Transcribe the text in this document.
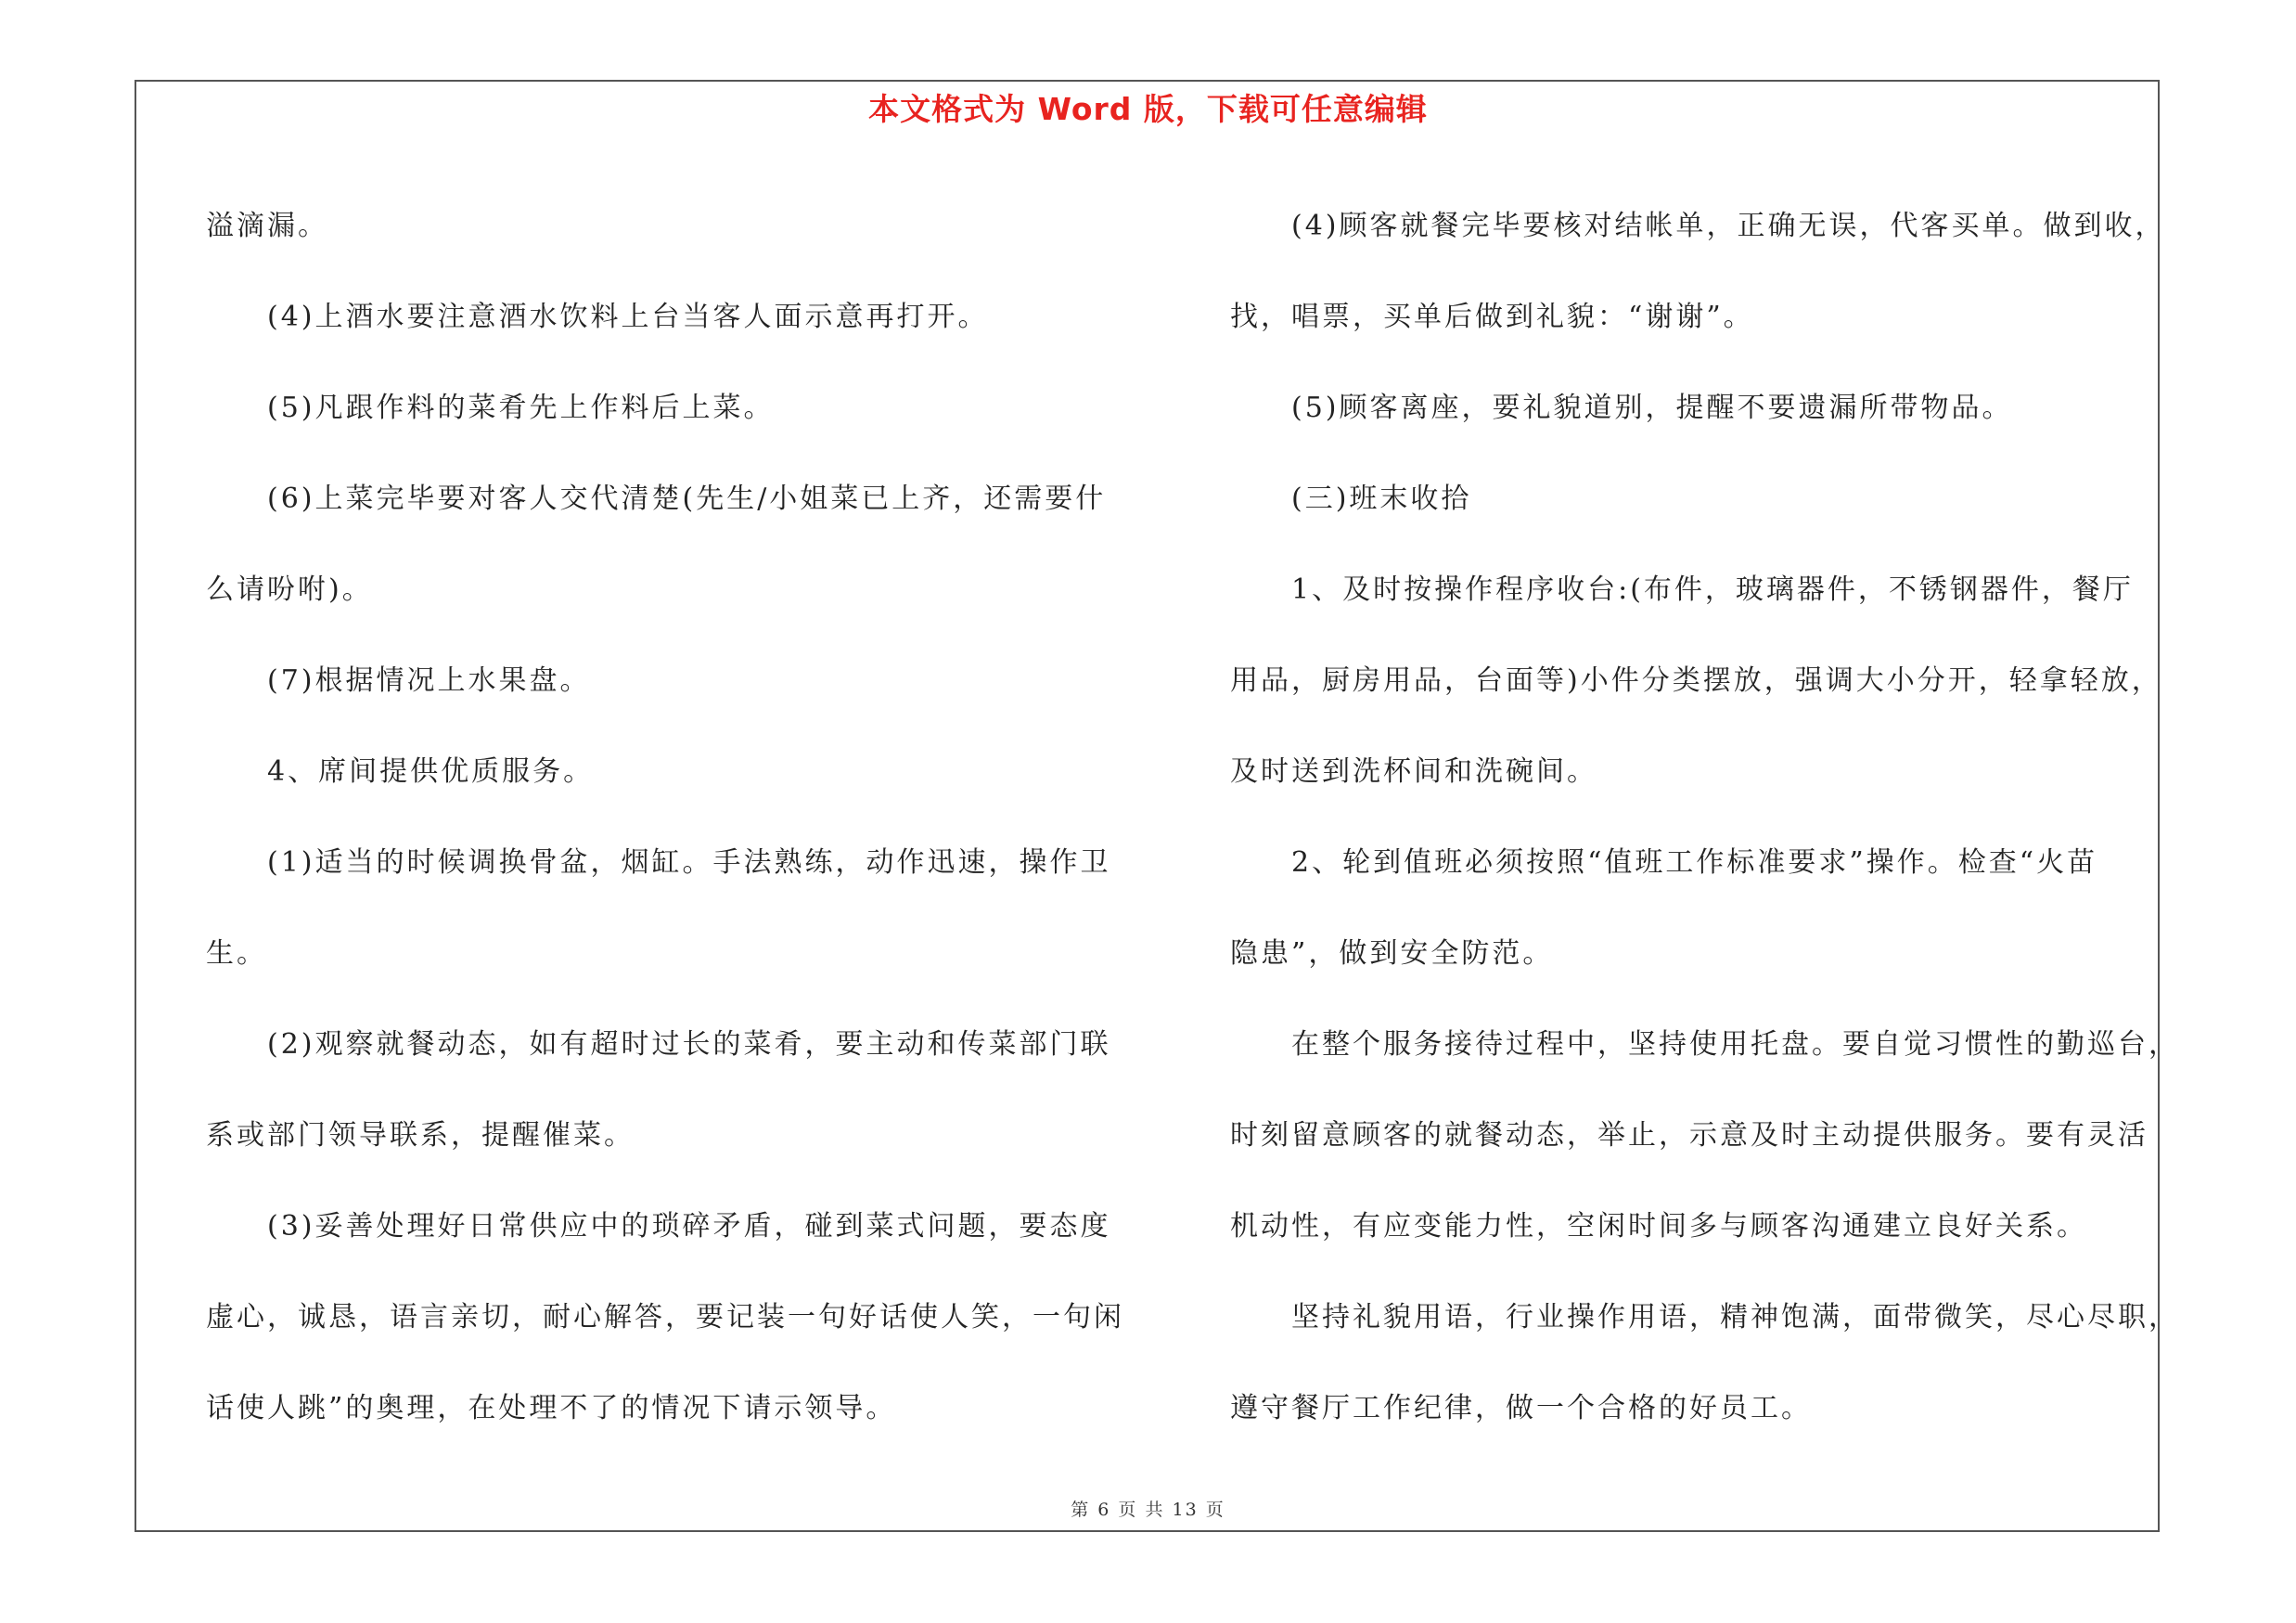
本文格式为 Word 版，下载可任意编辑
溢滴漏。
(4)上酒水要注意酒水饮料上台当客人面示意再打开。
(5)凡跟作料的菜肴先上作料后上菜。
(6)上菜完毕要对客人交代清楚(先生/小姐菜已上齐，还需要什
么请吩咐)。
(7)根据情况上水果盘。
4、席间提供优质服务。
(1)适当的时候调换骨盆，烟缸。手法熟练，动作迅速，操作卫
生。
(2)观察就餐动态，如有超时过长的菜肴，要主动和传菜部门联
系或部门领导联系，提醒催菜。
(3)妥善处理好日常供应中的琐碎矛盾，碰到菜式问题，要态度
虚心，诚恳，语言亲切，耐心解答，要记装一句好话使人笑，一句闲
话使人跳”的奥理，在处理不了的情况下请示领导。
(4)顾客就餐完毕要核对结帐单，正确无误，代客买单。做到收，
找，唱票，买单后做到礼貌：“谢谢”。
(5)顾客离座，要礼貌道别，提醒不要遗漏所带物品。
(三)班末收拾
1、及时按操作程序收台:(布件，玻璃器件，不锈钢器件，餐厅
用品，厨房用品，台面等)小件分类摆放，强调大小分开，轻拿轻放，
及时送到洗杯间和洗碗间。
2、轮到值班必须按照“值班工作标准要求”操作。检查“火苗
隐患”，做到安全防范。
在整个服务接待过程中，坚持使用托盘。要自觉习惯性的勤巡台，
时刻留意顾客的就餐动态，举止，示意及时主动提供服务。要有灵活
机动性，有应变能力性，空闲时间多与顾客沟通建立良好关系。
坚持礼貌用语，行业操作用语，精神饱满，面带微笑，尽心尽职，
遵守餐厅工作纪律，做一个合格的好员工。
第 6 页 共 13 页
